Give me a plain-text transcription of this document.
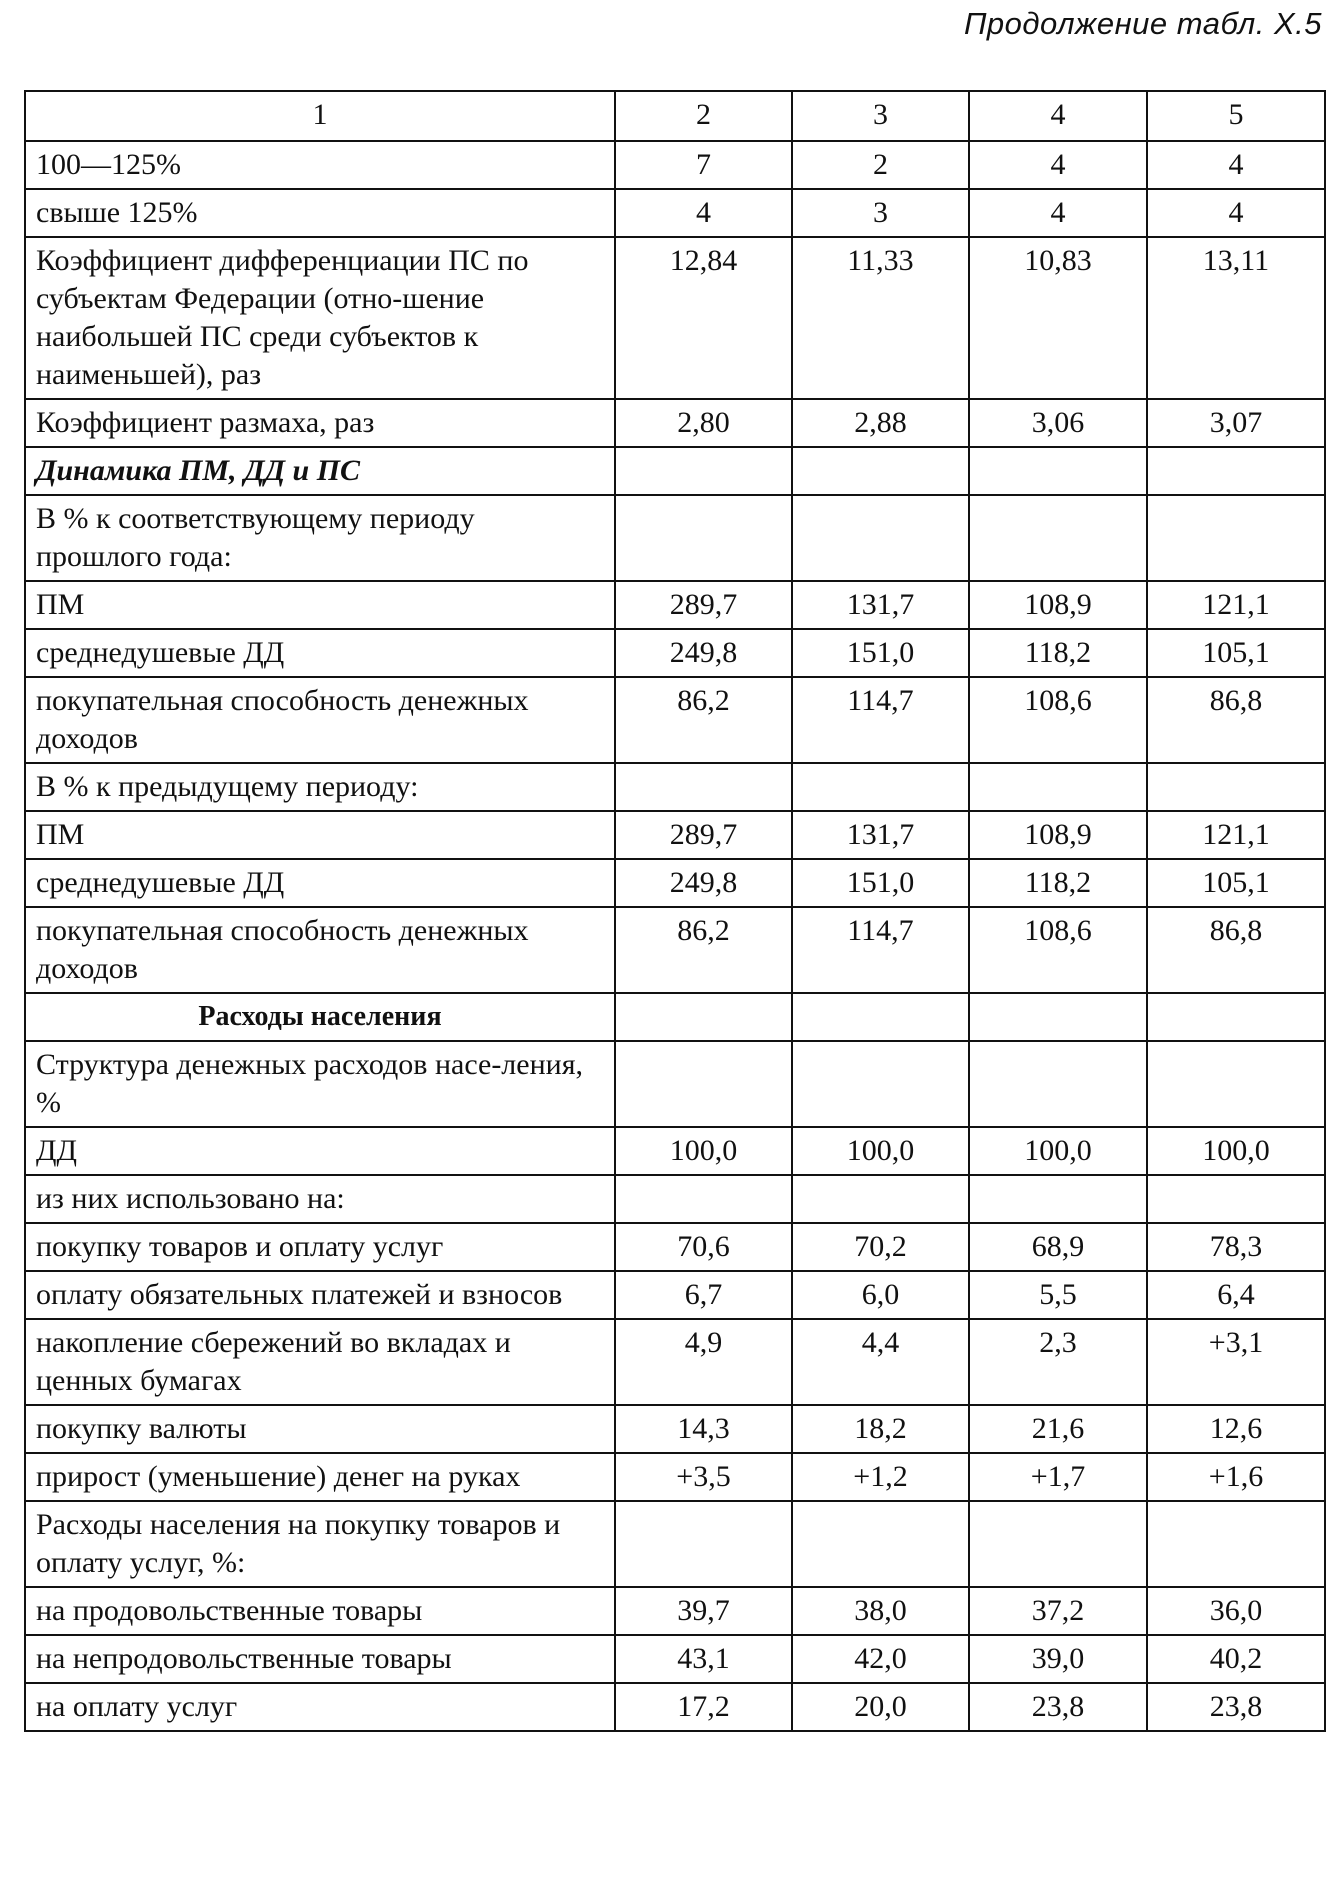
Продолжение табл. X.5
1	2	3	4	5
100—125%	7	2	4	4
свыше 125%	4	3	4	4
Коэффициент дифференциации ПС по субъектам Федерации (отно-шение наибольшей ПС среди субъектов к наименьшей), раз	12,84	11,33	10,83	13,11
Коэффициент размаха, раз	2,80	2,88	3,06	3,07
Динамика ПМ, ДД и ПС				
В % к соответствующему периоду прошлого года:				
ПМ	289,7	131,7	108,9	121,1
среднедушевые ДД	249,8	151,0	118,2	105,1
покупательная способность денежных доходов	86,2	114,7	108,6	86,8
В % к предыдущему периоду:				
ПМ	289,7	131,7	108,9	121,1
среднедушевые ДД	249,8	151,0	118,2	105,1
покупательная способность денежных доходов	86,2	114,7	108,6	86,8
Расходы населения				
Структура денежных расходов насе-ления, %				
ДД	100,0	100,0	100,0	100,0
из них использовано на:				
покупку товаров и оплату услуг	70,6	70,2	68,9	78,3
оплату обязательных платежей и взносов	6,7	6,0	5,5	6,4
накопление сбережений во вкладах и ценных бумагах	4,9	4,4	2,3	+3,1
покупку валюты	14,3	18,2	21,6	12,6
прирост (уменьшение) денег на руках	+3,5	+1,2	+1,7	+1,6
Расходы населения на покупку товаров и оплату услуг, %:				
на продовольственные товары	39,7	38,0	37,2	36,0
на непродовольственные товары	43,1	42,0	39,0	40,2
на оплату услуг	17,2	20,0	23,8	23,8
